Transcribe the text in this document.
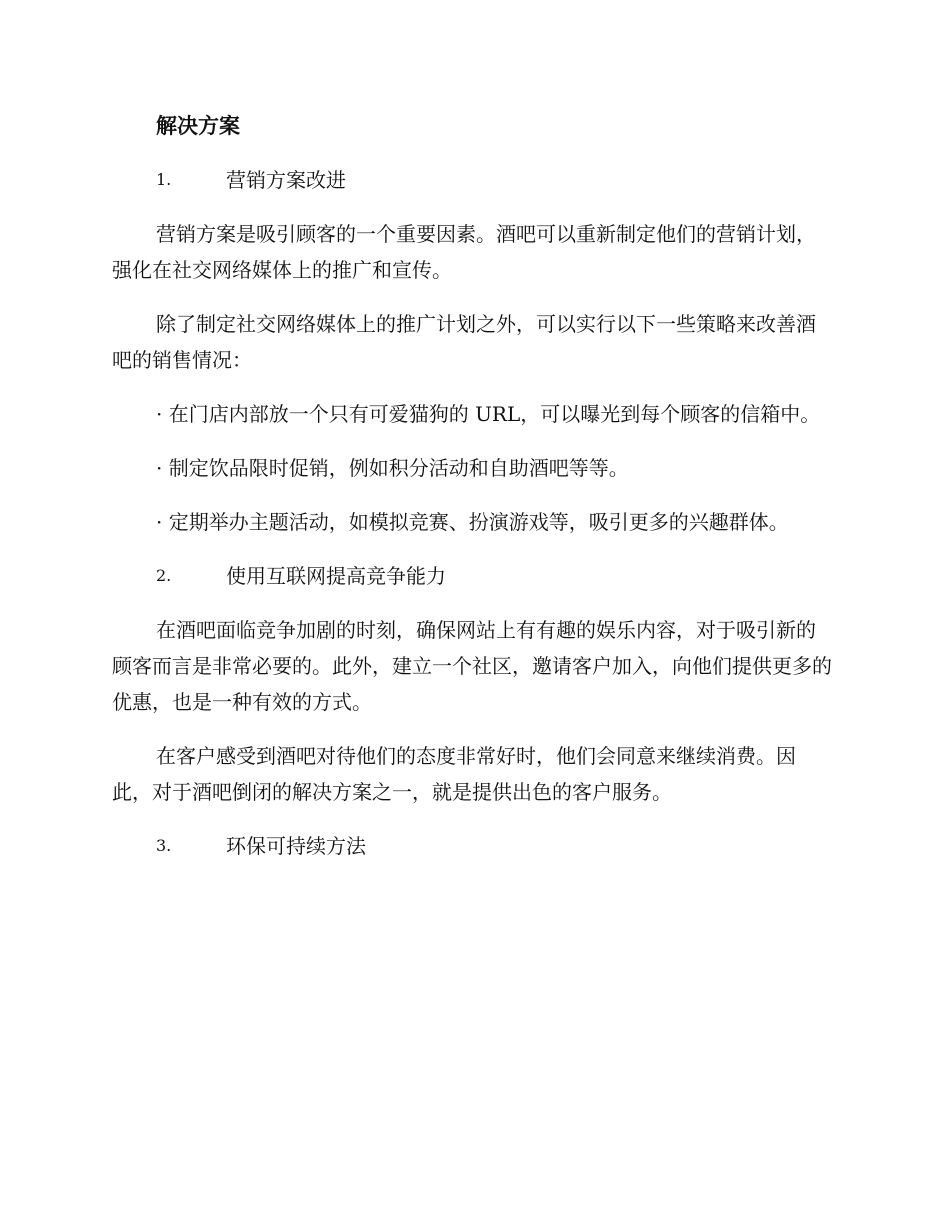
解决方案
1.	营销方案改进

营销方案是吸引顾客的一个重要因素。酒吧可以重新制定他们的营销计划，强化在社交网络媒体上的推广和宣传。

除了制定社交网络媒体上的推广计划之外，可以实行以下一些策略来改善酒吧的销售情况：

· 在门店内部放一个只有可爱猫狗的 URL，可以曝光到每个顾客的信箱中。

· 制定饮品限时促销，例如积分活动和自助酒吧等等。

· 定期举办主题活动，如模拟竞赛、扮演游戏等，吸引更多的兴趣群体。

2.	使用互联网提高竞争能力

在酒吧面临竞争加剧的时刻，确保网站上有有趣的娱乐内容，对于吸引新的顾客而言是非常必要的。此外，建立一个社区，邀请客户加入，向他们提供更多的优惠，也是一种有效的方式。

在客户感受到酒吧对待他们的态度非常好时，他们会同意来继续消费。因此，对于酒吧倒闭的解决方案之一，就是提供出色的客户服务。

3.	环保可持续方法
